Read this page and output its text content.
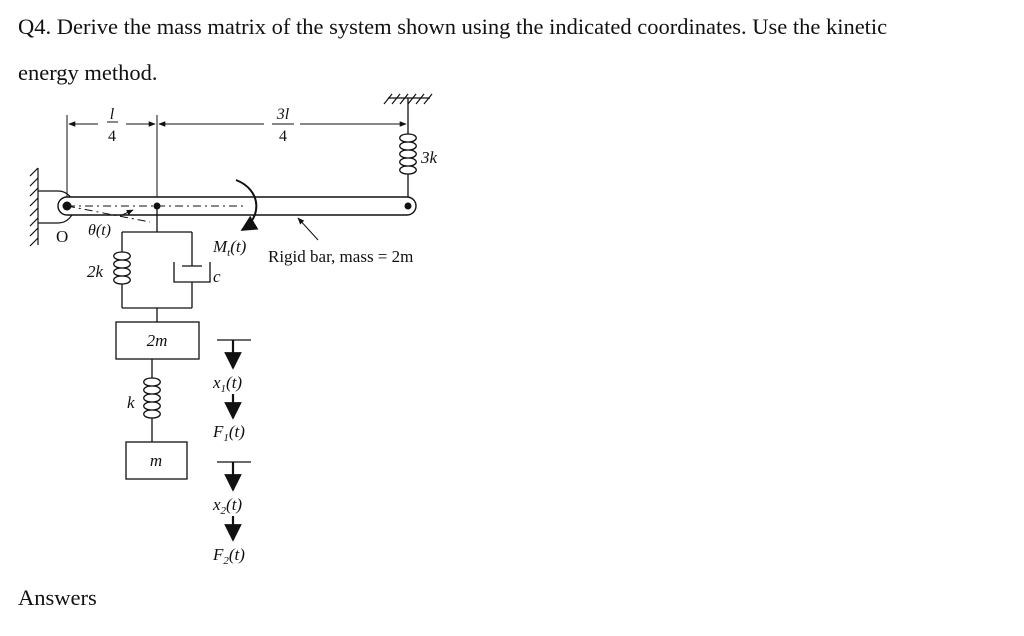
Q4. Derive the mass matrix of the system shown using the indicated coordinates. Use the kinetic
energy method.
l
4
3l
4
3k
O θ(t)
$M_t(t)$
Rigid bar, mass = 2m
2k	c
2m
k
m
$x_1(t)$
$F_1(t)$
$x_2(t)$
$F_2(t)$
Answers
